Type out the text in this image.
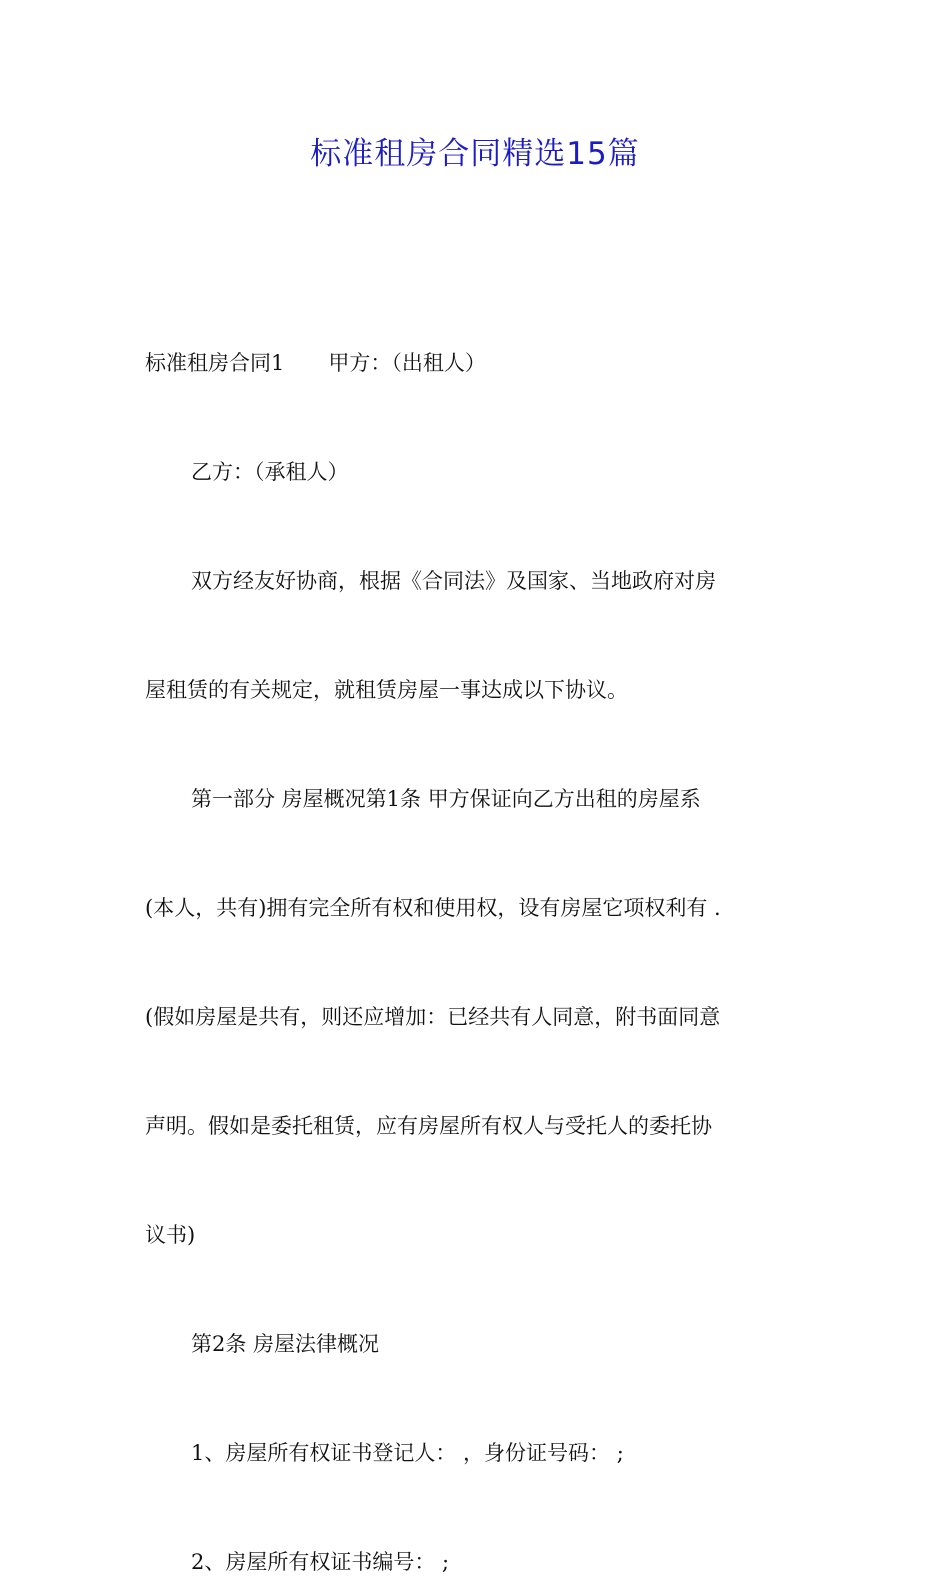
标准租房合同精选15篇
标准租房合同1 甲方：（出租人）
乙方：（承租人）
双方经友好协商，根据《合同法》及国家、当地政府对房
屋租赁的有关规定，就租赁房屋一事达成以下协议。
第一部分 房屋概况第1条 甲方保证向乙方出租的房屋系
(本人，共有)拥有完全所有权和使用权，设有房屋它项权利有 .
(假如房屋是共有，则还应增加：已经共有人同意，附书面同意
声明。假如是委托租赁，应有房屋所有权人与受托人的委托协
议书)
第2条 房屋法律概况
1、房屋所有权证书登记人： ，身份证号码： ;
2、房屋所有权证书编号： ;
